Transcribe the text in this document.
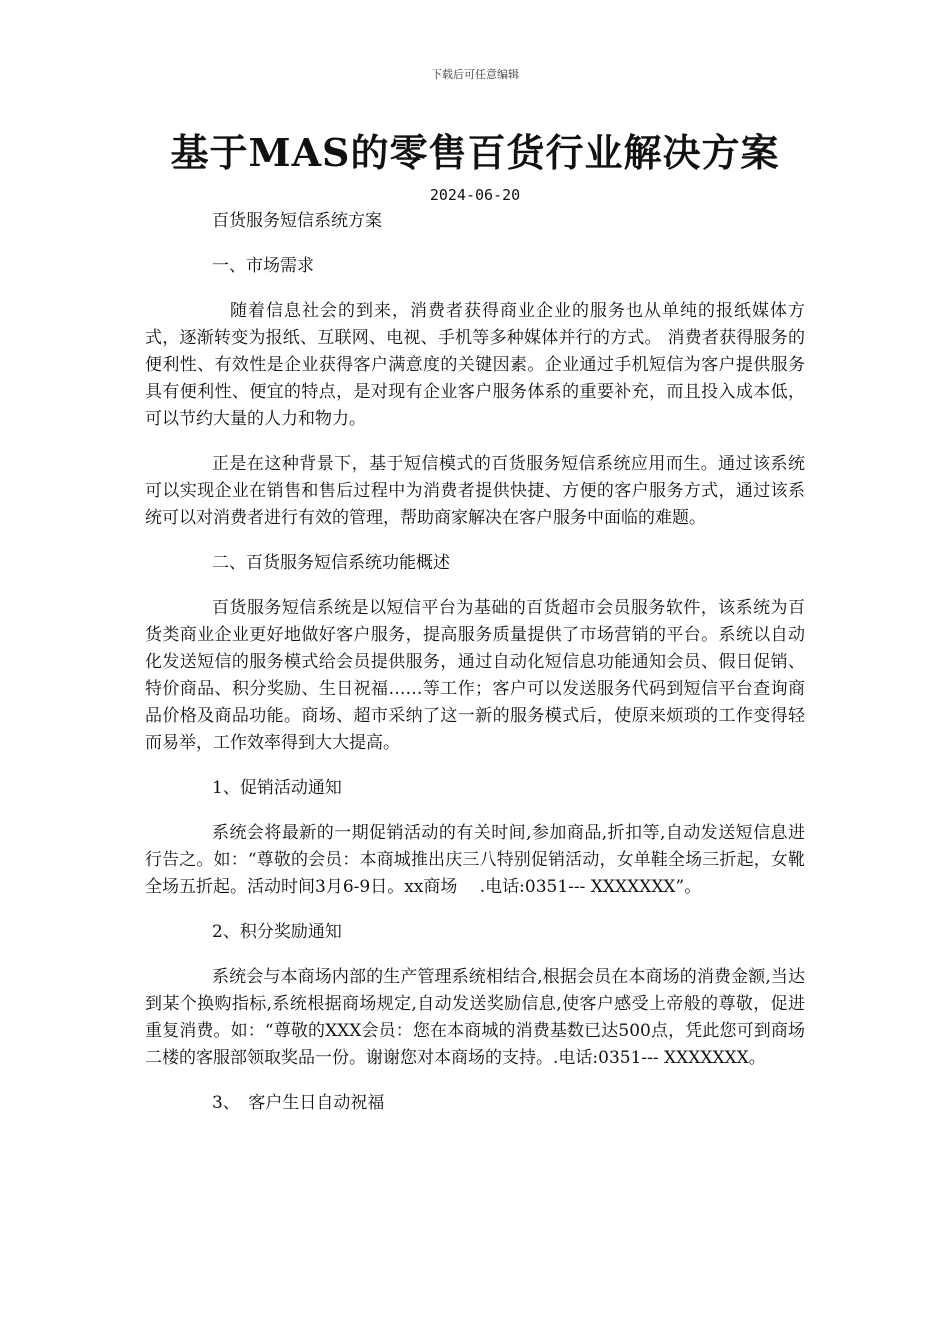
下载后可任意编辑
基于MAS的零售百货行业解决方案
2024-06-20

百货服务短信系统方案

一、市场需求

随着信息社会的到来，消费者获得商业企业的服务也从单纯的报纸媒体方式，逐渐转变为报纸、互联网、电视、手机等多种媒体并行的方式。 消费者获得服务的便利性、有效性是企业获得客户满意度的关键因素。企业通过手机短信为客户提供服务具有便利性、便宜的特点，是对现有企业客户服务体系的重要补充，而且投入成本低，可以节约大量的人力和物力。

正是在这种背景下，基于短信模式的百货服务短信系统应用而生。通过该系统可以实现企业在销售和售后过程中为消费者提供快捷、方便的客户服务方式，通过该系统可以对消费者进行有效的管理，帮助商家解决在客户服务中面临的难题。

二、百货服务短信系统功能概述

百货服务短信系统是以短信平台为基础的百货超市会员服务软件，该系统为百货类商业企业更好地做好客户服务，提高服务质量提供了市场营销的平台。系统以自动化发送短信的服务模式给会员提供服务，通过自动化短信息功能通知会员、假日促销、特价商品、积分奖励、生日祝福……等工作；客户可以发送服务代码到短信平台查询商品价格及商品功能。商场、超市采纳了这一新的服务模式后，使原来烦琐的工作变得轻而易举，工作效率得到大大提高。

1、促销活动通知

系统会将最新的一期促销活动的有关时间,参加商品,折扣等,自动发送短信息进行告之。如：“尊敬的会员：本商城推出庆三八特别促销活动，女单鞋全场三折起，女靴全场五折起。活动时间3月6-9日。xx商场　 .电话:0351--- XXXXXXX”。

2、积分奖励通知

系统会与本商场内部的生产管理系统相结合,根据会员在本商场的消费金额,当达到某个换购指标,系统根据商场规定,自动发送奖励信息,使客户感受上帝般的尊敬，促进重复消费。如：“尊敬的XXX会员：您在本商城的消费基数已达500点，凭此您可到商场二楼的客服部领取奖品一份。谢谢您对本商场的支持。.电话:0351--- XXXXXXX。

3、　客户生日自动祝福
